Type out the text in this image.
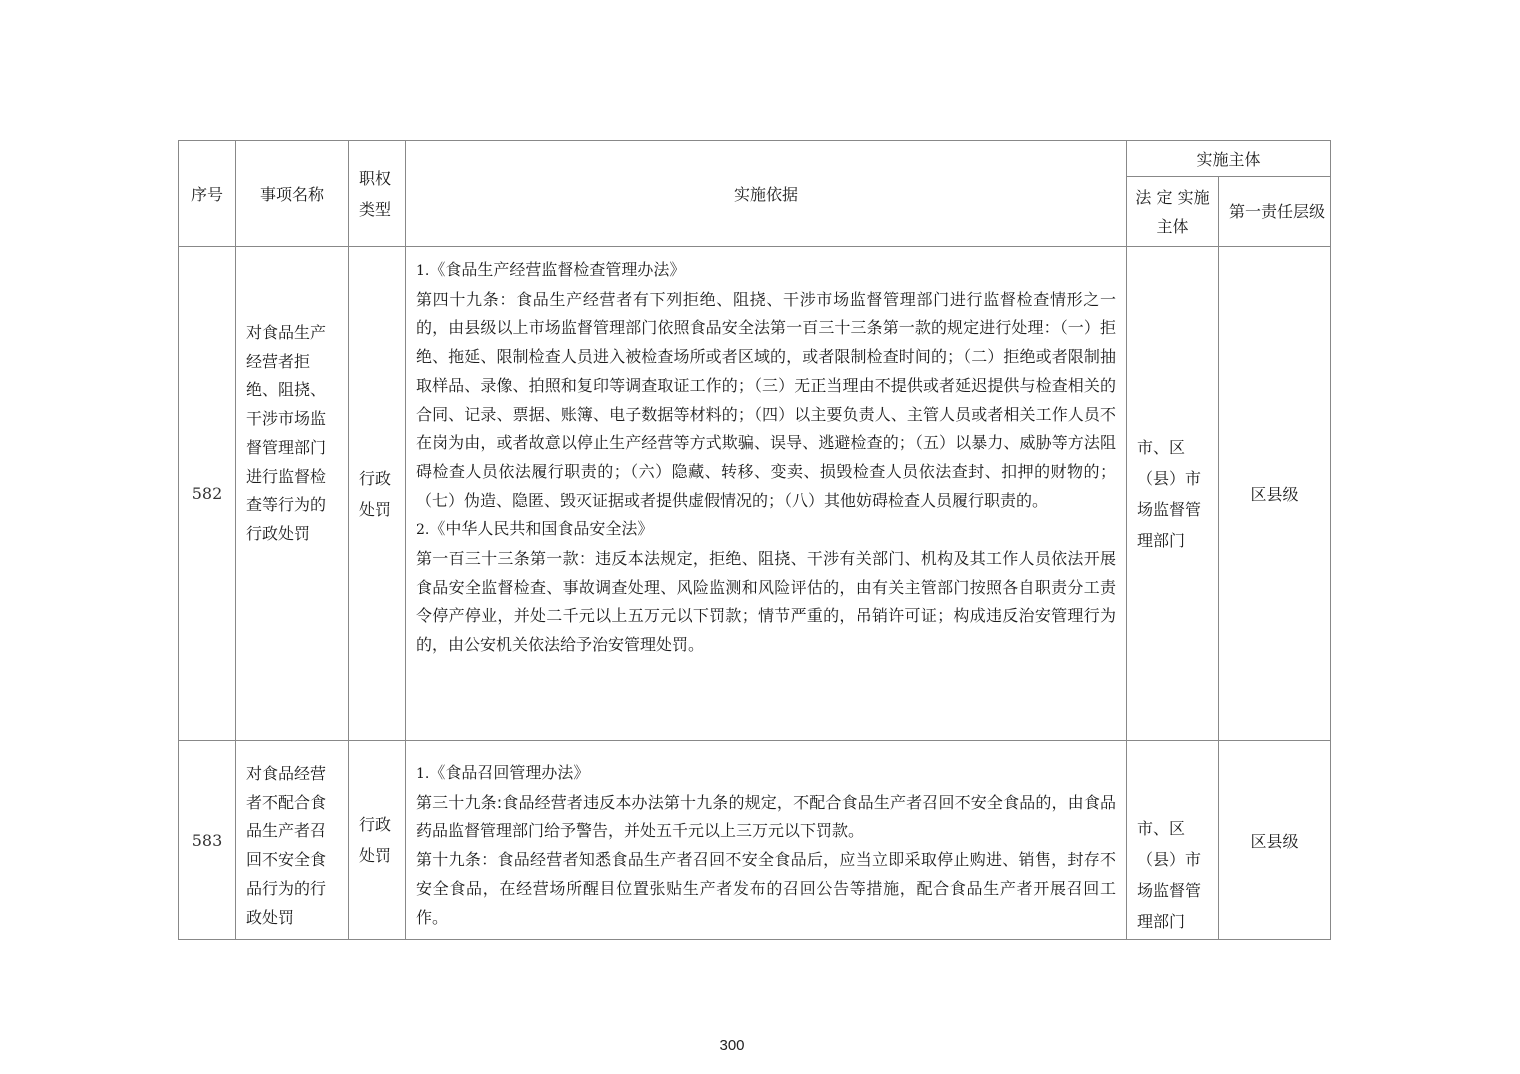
序号	事项名称	职权类型	实施依据	实施主体	
				法 定 实施主体	第一责任层级
582	对食品生产经营者拒绝、阻挠、干涉市场监督管理部门进行监督检查等行为的行政处罚	行政处罚	1.《食品生产经营监督检查管理办法》
第四十九条：食品生产经营者有下列拒绝、阻挠、干涉市场监督管理部门进行监督检查情形之一的，由县级以上市场监督管理部门依照食品安全法第一百三十三条第一款的规定进行处理：（一）拒绝、拖延、限制检查人员进入被检查场所或者区域的，或者限制检查时间的；（二）拒绝或者限制抽取样品、录像、拍照和复印等调查取证工作的；（三）无正当理由不提供或者延迟提供与检查相关的合同、记录、票据、账簿、电子数据等材料的；（四）以主要负责人、主管人员或者相关工作人员不在岗为由，或者故意以停止生产经营等方式欺骗、误导、逃避检查的；（五）以暴力、威胁等方法阻碍检查人员依法履行职责的；（六）隐藏、转移、变卖、损毁检查人员依法查封、扣押的财物的；（七）伪造、隐匿、毁灭证据或者提供虚假情况的；（八）其他妨碍检查人员履行职责的。
2.《中华人民共和国食品安全法》
第一百三十三条第一款：违反本法规定，拒绝、阻挠、干涉有关部门、机构及其工作人员依法开展食品安全监督检查、事故调查处理、风险监测和风险评估的，由有关主管部门按照各自职责分工责令停产停业，并处二千元以上五万元以下罚款；情节严重的，吊销许可证；构成违反治安管理行为的，由公安机关依法给予治安管理处罚。	市、区（县）市场监督管理部门	区县级
583	对食品经营者不配合食品生产者召回不安全食品行为的行政处罚	行政处罚	1.《食品召回管理办法》
第三十九条:食品经营者违反本办法第十九条的规定，不配合食品生产者召回不安全食品的，由食品药品监督管理部门给予警告，并处五千元以上三万元以下罚款。
第十九条：食品经营者知悉食品生产者召回不安全食品后，应当立即采取停止购进、销售，封存不安全食品，在经营场所醒目位置张贴生产者发布的召回公告等措施，配合食品生产者开展召回工作。	市、区（县）市场监督管理部门	区县级
300
